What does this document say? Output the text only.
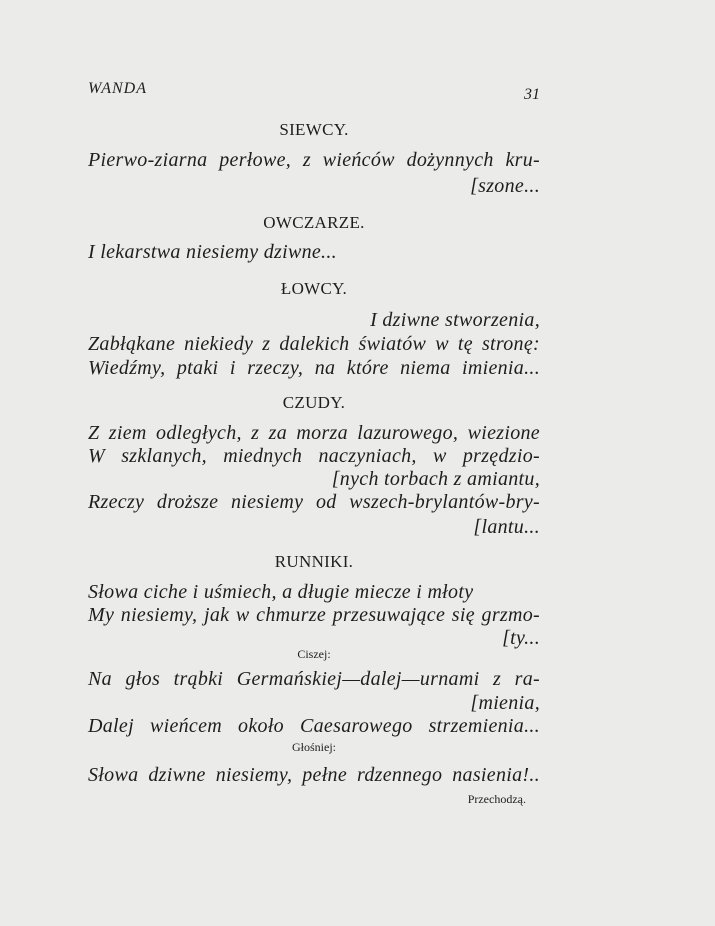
WANDA	31
SIEWCY.
Pierwo-ziarna perłowe, z wieńców dożynnych kru-
[szone...
OWCZARZE.
I lekarstwa niesiemy dziwne...
ŁOWCY.
I dziwne stworzenia,
Zabłąkane niekiedy z dalekich światów w tę stronę:
Wiedźmy, ptaki i rzeczy, na które niema imienia...
CZUDY.
Z ziem odległych, z za morza lazurowego, wiezione
W szklanych, miednych naczyniach, w przędzio-
[nych torbach z amiantu,
Rzeczy droższe niesiemy od wszech-brylantów-bry-
[lantu...
RUNNIKI.
Słowa ciche i uśmiech, a długie miecze i młoty
My niesiemy, jak w chmurze przesuwające się grzmo-
[ty...
Ciszej:
Na głos trąbki Germańskiej—dalej—urnami z ra-
[mienia,
Dalej wieńcem około Caesarowego strzemienia...
Głośniej:
Słowa dziwne niesiemy, pełne rdzennego nasienia!..
Przechodzą.
